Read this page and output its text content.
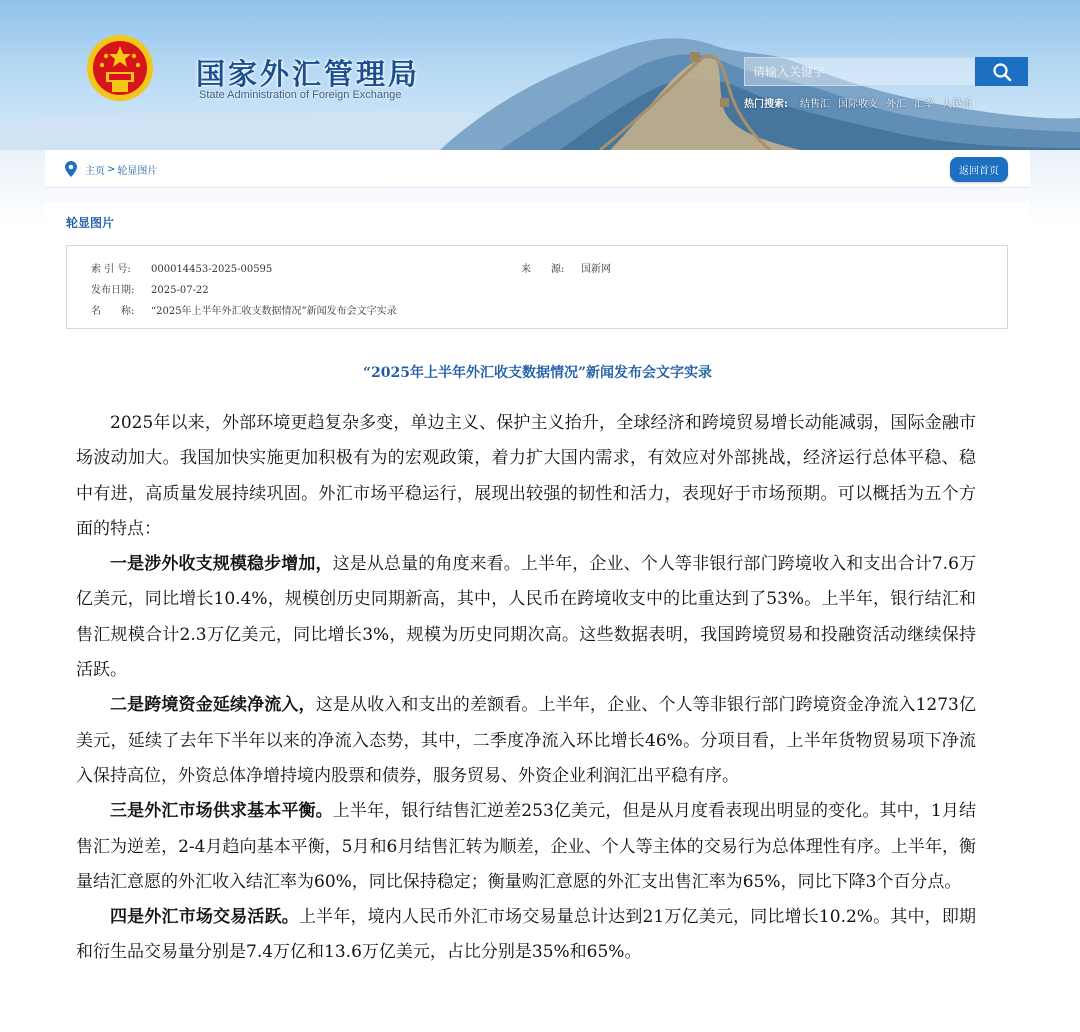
国家外汇管理局
State Administration of Foreign Exchange
请输入关键字
热门搜索: 结售汇 国际收支 外汇 汇率 人民币
主页 > 轮显图片	返回首页
轮显图片
索 引 号: 000014453-2025-00595	来　　源: 国新网
发布日期: 2025-07-22
名　　称: “2025年上半年外汇收支数据情况”新闻发布会文字实录
“2025年上半年外汇收支数据情况”新闻发布会文字实录

2025年以来，外部环境更趋复杂多变，单边主义、保护主义抬升，全球经济和跨境贸易增长动能减弱，国际金融市场波动加大。我国加快实施更加积极有为的宏观政策，着力扩大国内需求，有效应对外部挑战，经济运行总体平稳、稳中有进，高质量发展持续巩固。外汇市场平稳运行，展现出较强的韧性和活力，表现好于市场预期。可以概括为五个方面的特点：

一是涉外收支规模稳步增加，这是从总量的角度来看。上半年，企业、个人等非银行部门跨境收入和支出合计7.6万亿美元，同比增长10.4%，规模创历史同期新高，其中，人民币在跨境收支中的比重达到了53%。上半年，银行结汇和售汇规模合计2.3万亿美元，同比增长3%，规模为历史同期次高。这些数据表明，我国跨境贸易和投融资活动继续保持活跃。

二是跨境资金延续净流入，这是从收入和支出的差额看。上半年，企业、个人等非银行部门跨境资金净流入1273亿美元，延续了去年下半年以来的净流入态势，其中，二季度净流入环比增长46%。分项目看，上半年货物贸易项下净流入保持高位，外资总体净增持境内股票和债券，服务贸易、外资企业利润汇出平稳有序。

三是外汇市场供求基本平衡。上半年，银行结售汇逆差253亿美元，但是从月度看表现出明显的变化。其中，1月结售汇为逆差，2-4月趋向基本平衡，5月和6月结售汇转为顺差，企业、个人等主体的交易行为总体理性有序。上半年，衡量结汇意愿的外汇收入结汇率为60%，同比保持稳定；衡量购汇意愿的外汇支出售汇率为65%，同比下降3个百分点。

四是外汇市场交易活跃。上半年，境内人民币外汇市场交易量总计达到21万亿美元，同比增长10.2%。其中，即期和衍生品交易量分别是7.4万亿和13.6万亿美元，占比分别是35%和65%。
